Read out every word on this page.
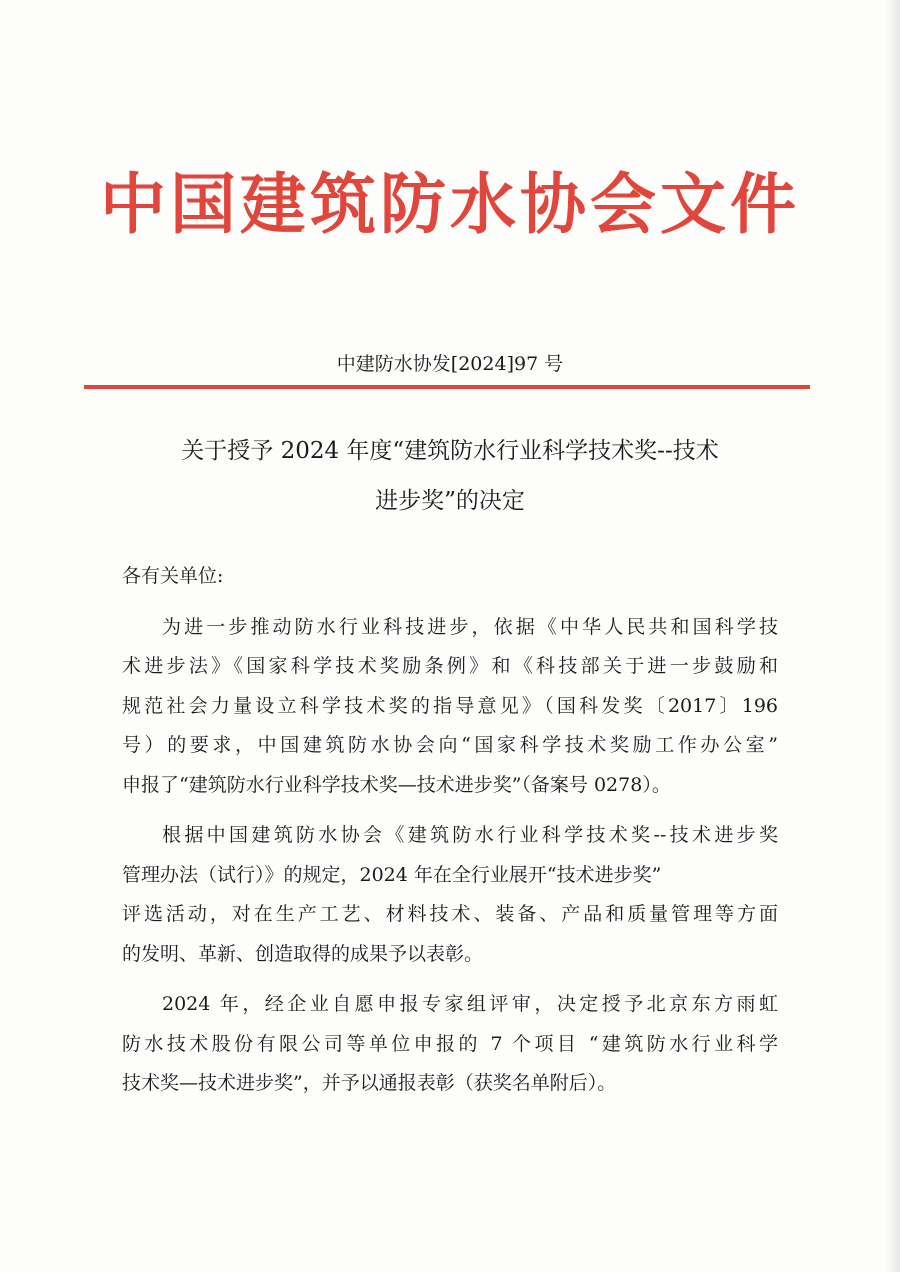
中国建筑防水协会文件
中建防水协发[2024]97 号
关于授予 2024 年度“建筑防水行业科学技术奖--技术
进步奖”的决定
各有关单位:
为进一步推动防水行业科技进步，依据《中华人民共和国科学技
术进步法》《国家科学技术奖励条例》和《科技部关于进一步鼓励和
规范社会力量设立科学技术奖的指导意见》（国科发奖〔2017〕196
号）的要求，中国建筑防水协会向“国家科学技术奖励工作办公室”
申报了“建筑防水行业科学技术奖—技术进步奖”（备案号 0278）。
根据中国建筑防水协会《建筑防水行业科学技术奖--技术进步奖
管理办法（试行）》的规定，2024 年在全行业展开“技术进步奖”
评选活动，对在生产工艺、材料技术、装备、产品和质量管理等方面
的发明、革新、创造取得的成果予以表彰。
2024 年，经企业自愿申报专家组评审，决定授予北京东方雨虹
防水技术股份有限公司等单位申报的 7 个项目 “建筑防水行业科学
技术奖—技术进步奖”，并予以通报表彰（获奖名单附后）。
